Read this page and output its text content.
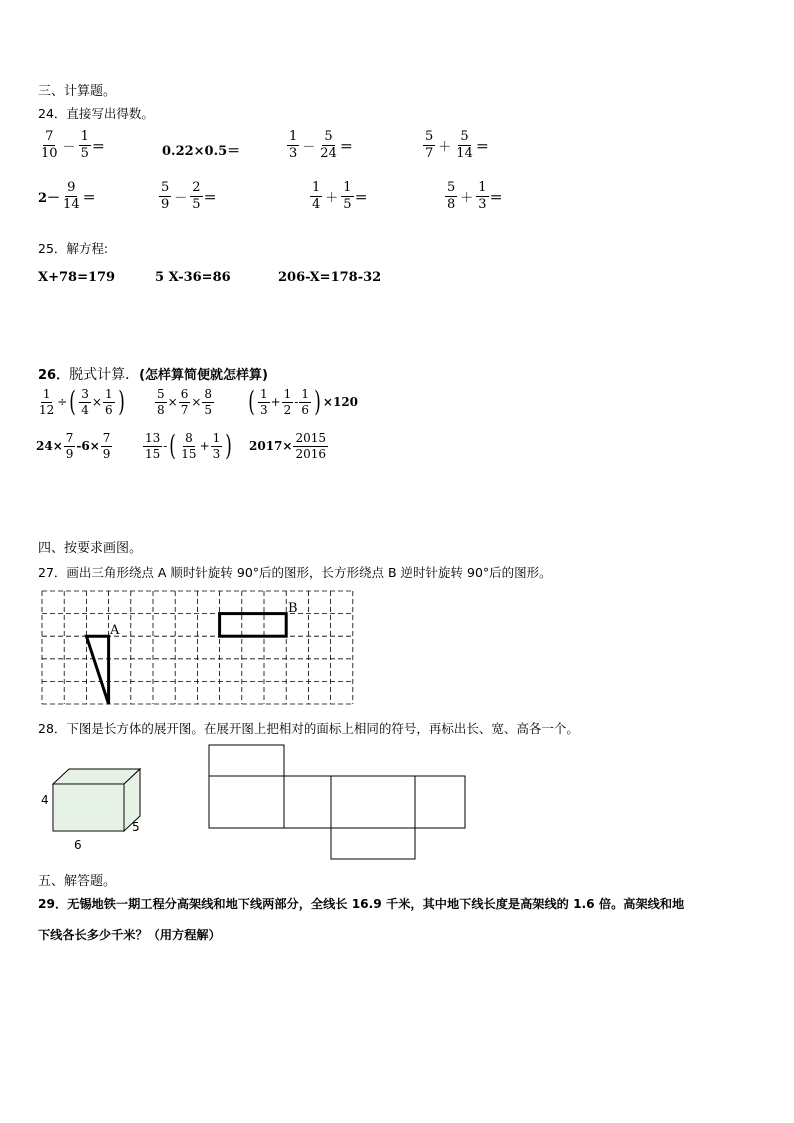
三、计算题。
24．直接写出得数。
$\frac{7}{10} - \frac{1}{5}$ ＝	0.22×0.5＝	$\frac{1}{3} - \frac{5}{24}$ ＝	$\frac{5}{7} + \frac{5}{14}$ ＝
$2- \frac{9}{14}$ ＝	$\frac{5}{9} - \frac{2}{5}$ ＝	$\frac{1}{4} + \frac{1}{5}$ ＝	$\frac{5}{8} + \frac{1}{3}$ ＝
25．解方程:
X+78=179	5 X-36=86	206-X=178-32
26．脱式计算．(怎样算简便就怎样算)
$\frac{1}{12}$ ÷ ( $\frac{3}{4} \times \frac{1}{6}$ )	$\frac{5}{8} \times \frac{6}{7} \times \frac{8}{5}$ ( $\frac{1}{3} + \frac{1}{2} - \frac{1}{6}$ ) ×120
$24\times \frac{7}{9} -6\times \frac{7}{9}$	$\frac{13}{15}$ - ( $\frac{8}{15} + \frac{1}{3}$ ) $2017\times \frac{2015}{2016}$
四、按要求画图。
27．画出三角形绕点 A 顺时针旋转 90°后的图形，长方形绕点 B 逆时针旋转 90°后的图形。
A
B
28．下图是长方体的展开图。在展开图上把相对的面标上相同的符号，再标出长、宽、高各一个。
4
6
5
五、解答题。
29．无锡地铁一期工程分高架线和地下线两部分，全线长 16.9 千米，其中地下线长度是高架线的 1.6 倍。高架线和地
下线各长多少千米？（用方程解）
